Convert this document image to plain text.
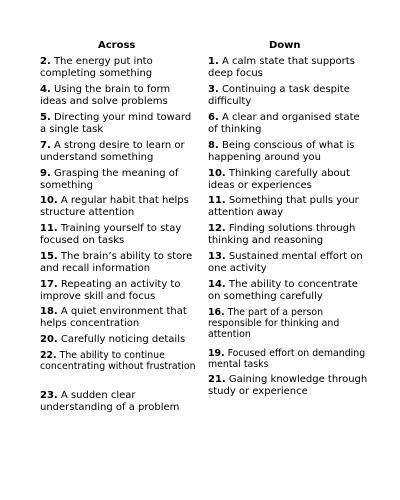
Across
2. The energy put into completing something
4. Using the brain to form ideas and solve problems
5. Directing your mind toward a single task
7. A strong desire to learn or understand something
9. Grasping the meaning of something
10. A regular habit that helps structure attention
11. Training yourself to stay focused on tasks
15. The brain’s ability to store and recall information
17. Repeating an activity to improve skill and focus
18. A quiet environment that helps concentration
20. Carefully noticing details
22. The ability to continue concentrating without frustration
23. A sudden clear understanding of a problem
Down
1. A calm state that supports deep focus
3. Continuing a task despite difficulty
6. A clear and organised state of thinking
8. Being conscious of what is happening around you
10. Thinking carefully about ideas or experiences
11. Something that pulls your attention away
12. Finding solutions through thinking and reasoning
13. Sustained mental effort on one activity
14. The ability to concentrate on something carefully
16. The part of a person responsible for thinking and attention
19. Focused effort on demanding mental tasks
21. Gaining knowledge through study or experience
